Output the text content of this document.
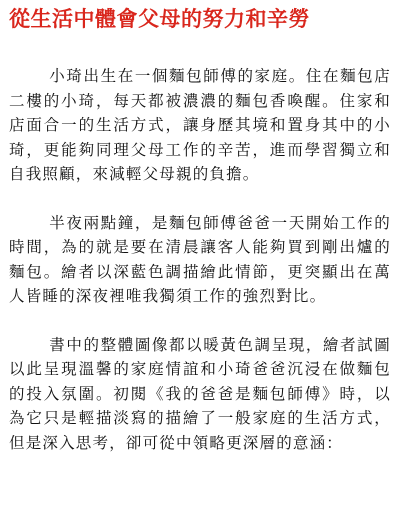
從生活中體會父母的努力和辛勞

小琦出生在一個麵包師傅的家庭。住在麵包店二樓的小琦，每天都被濃濃的麵包香喚醒。住家和店面合一的生活方式，讓身歷其境和置身其中的小琦，更能夠同理父母工作的辛苦，進而學習獨立和自我照顧，來減輕父母親的負擔。

半夜兩點鐘，是麵包師傅爸爸一天開始工作的時間，為的就是要在清晨讓客人能夠買到剛出爐的麵包。繪者以深藍色調描繪此情節，更突顯出在萬人皆睡的深夜裡唯我獨須工作的強烈對比。

書中的整體圖像都以暖黃色調呈現，繪者試圖以此呈現溫馨的家庭情誼和小琦爸爸沉浸在做麵包的投入氛圍。初閱《我的爸爸是麵包師傅》時，以為它只是輕描淡寫的描繪了一般家庭的生活方式，但是深入思考，卻可從中領略更深層的意涵：
